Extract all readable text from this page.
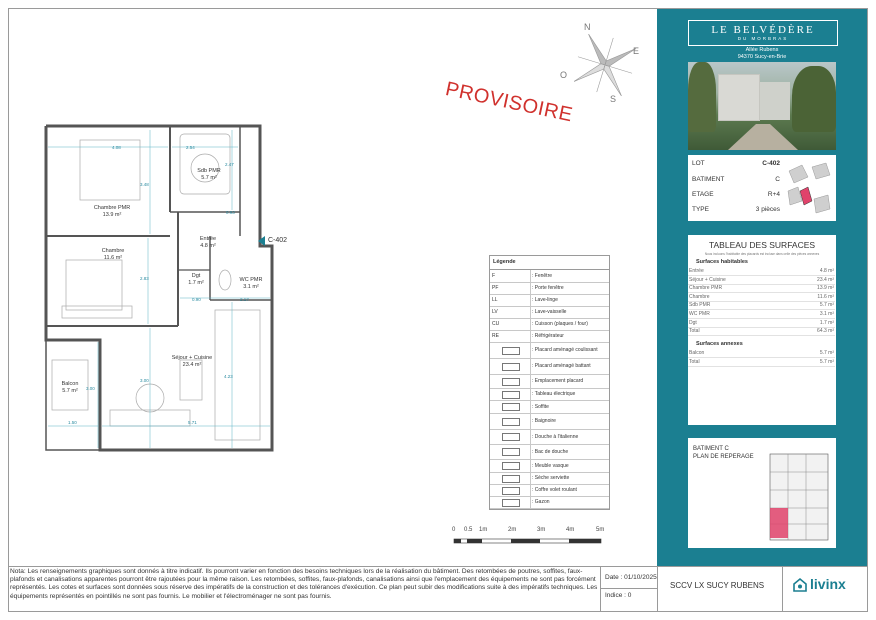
PROVISOIRE
N
E
S
O
Chambre PMR
13.9 m²
Sdb PMR
5.7 m²
Chambre
11.6 m²
Entrée
4.8 m²
Dgt
1.7 m²	WC PMR
3.1 m²
Séjour + Cuisine
23.4 m²
Balcon
5.7 m²
4.08	2.54
3.48
2.47
0.93
2.83
0.90	2.17
3.00
3.00
4.23
1.50	5.71
C-402
Légende
F	: Fenêtre
PF	: Porte fenêtre
LL	: Lave-linge
LV	: Lave-vaisselle
CU	: Cuisson (plaques / four)
RE	: Réfrigérateur
: Placard aménagé coulissant
: Placard aménagé battant
: Emplacement placard
: Tableau électrique
: Soffite
: Baignoire
: Douche à l'italienne
: Bac de douche
: Meuble vasque
: Sèche serviette
: Coffre volet roulant
: Gazon
0 0.5 1m	2m	3m	4m	5m
LE BELVÉDÈRE
DU MORBRAS
Allée Rubens
94370 Sucy-en-Brie
LOT	C-402
BATIMENT	C
ETAGE	R+4
TYPE	3 pièces
TABLEAU DES SURFACES
Nous incluons l'habitable des placards est incluse dans celle des pièces annexes
Surfaces habitables
Entrée	4.8 m²
Séjour + Cuisine	23.4 m²
Chambre PMR	13.9 m²
Chambre	11.6 m²
Sdb PMR	5.7 m²
WC PMR	3.1 m²
Dgt	1.7 m²
Total	64.3 m²
Surfaces annexes
Balcon	5.7 m²
Total	5.7 m²
BATIMENT C
PLAN DE REPERAGE
Nota: Les renseignements graphiques sont donnés à titre indicatif. Ils pourront varier en fonction des besoins techniques lors de la réalisation du bâtiment. Des retombées de poutres, soffites, faux-plafonds et canalisations apparentes pourront être rajoutées pour la même raison. Les retombées, soffites, faux-plafonds, canalisations ainsi que l'emplacement des équipements ne sont pas forcément représentés. Les cotes et surfaces sont données sous réserve des impératifs de la construction et des tolérances d'exécution. Ce plan peut subir des modifications suite à des impératifs techniques. Les équipements représentés en pointillés ne sont pas fournis. Le mobilier et l'électroménager ne sont pas fournis.
Date : 01/10/2025
Indice : 0
SCCV LX SUCY RUBENS	livinx
